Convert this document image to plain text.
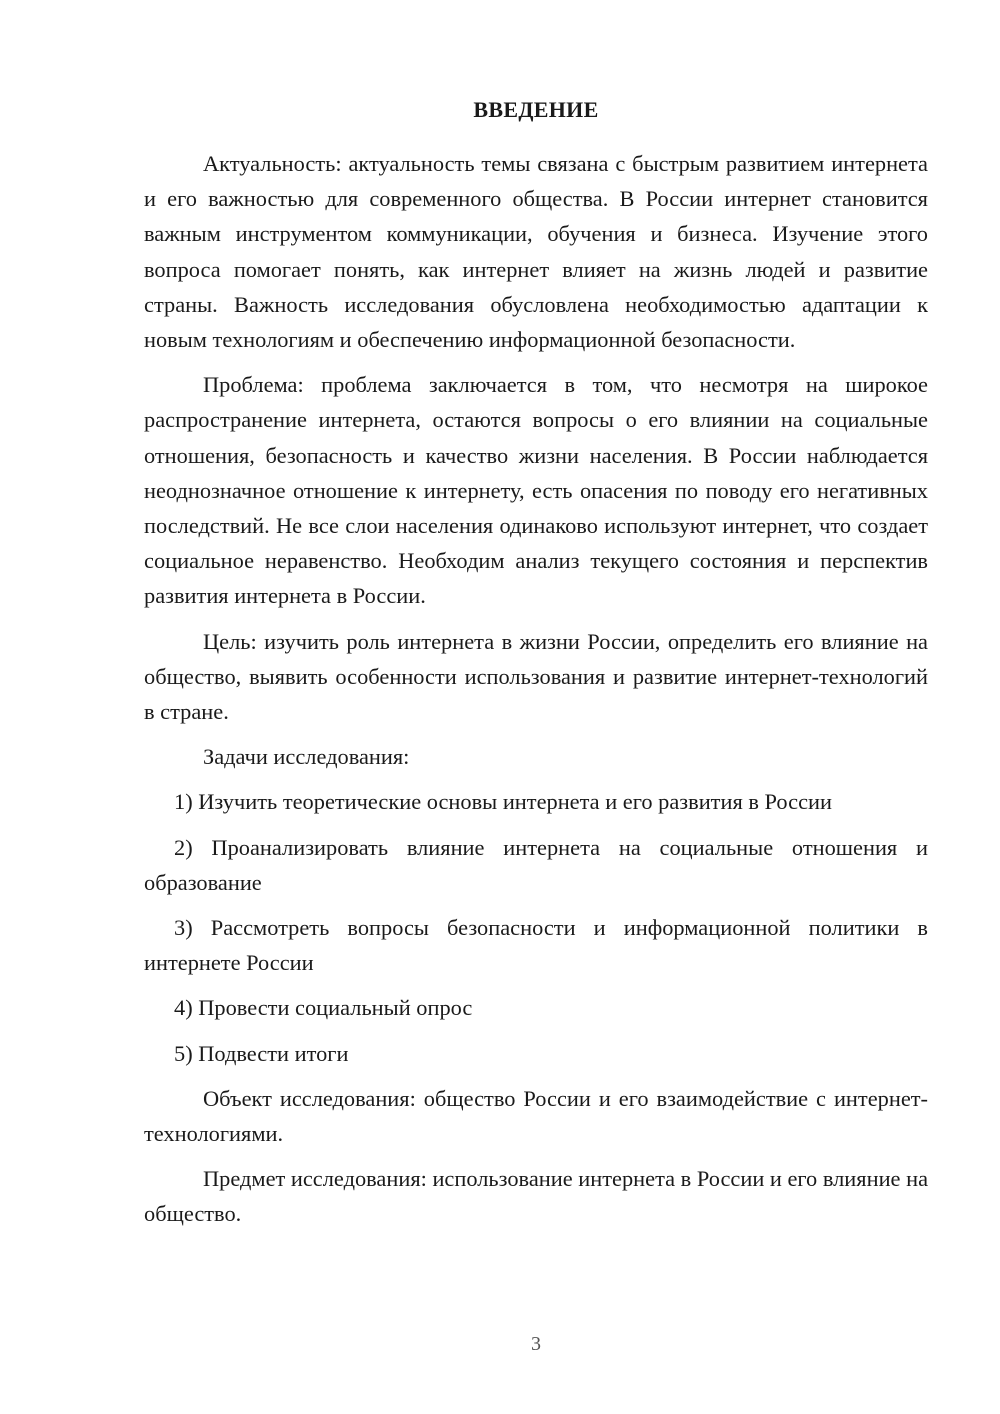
ВВЕДЕНИЕ

Актуальность: актуальность темы связана с быстрым развитием интернета и его важностью для современного общества. В России интернет становится важным инструментом коммуникации, обучения и бизнеса. Изучение этого вопроса помогает понять, как интернет влияет на жизнь людей и развитие страны. Важность исследования обусловлена необходимостью адаптации к новым технологиям и обеспечению информационной безопасности.

Проблема: проблема заключается в том, что несмотря на широкое распространение интернета, остаются вопросы о его влиянии на социальные отношения, безопасность и качество жизни населения. В России наблюдается неоднозначное отношение к интернету, есть опасения по поводу его негативных последствий. Не все слои населения одинаково используют интернет, что создает социальное неравенство. Необходим анализ текущего состояния и перспектив развития интернета в России.

Цель: изучить роль интернета в жизни России, определить его влияние на общество, выявить особенности использования и развитие интернет-технологий в стране.

Задачи исследования:

1) Изучить теоретические основы интернета и его развития в России

2) Проанализировать влияние интернета на социальные отношения и образование

3) Рассмотреть вопросы безопасности и информационной политики в интернете России

4) Провести социальный опрос

5) Подвести итоги

Объект исследования: общество России и его взаимодействие с интернет-технологиями.

Предмет исследования: использование интернета в России и его влияние на общество.

3
